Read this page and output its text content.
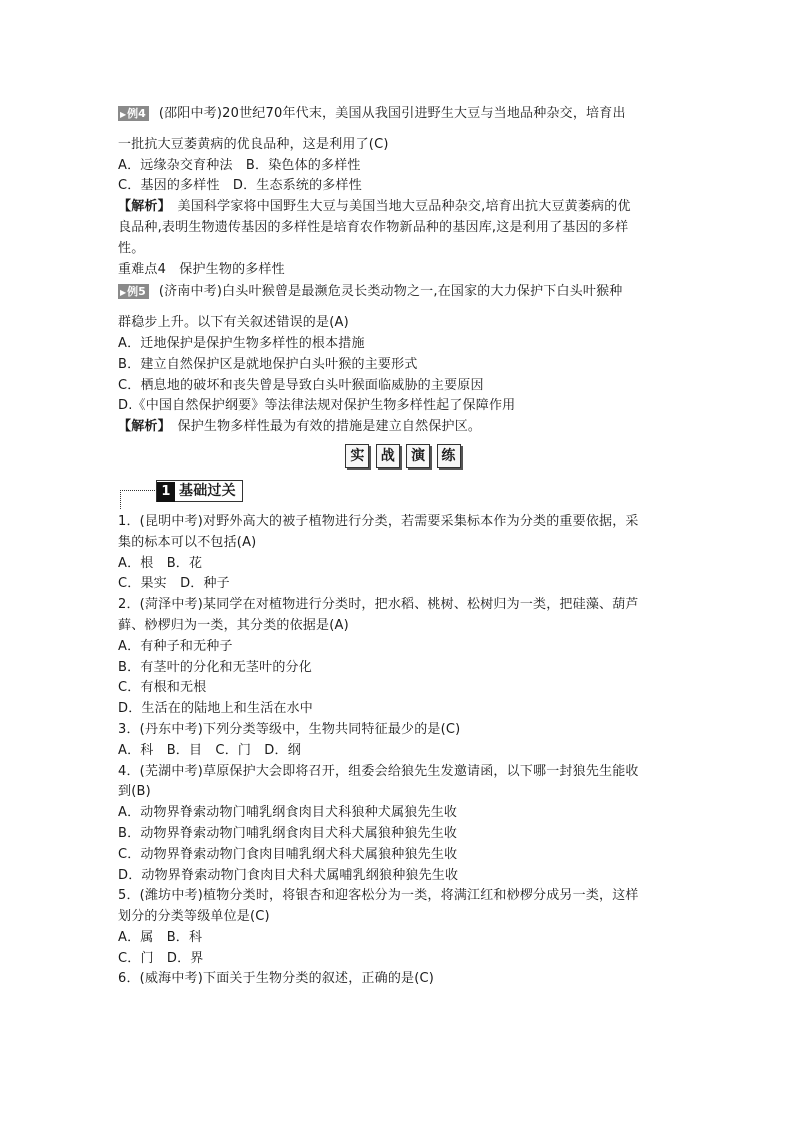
▶例4 (邵阳中考)20世纪70年代末，美国从我国引进野生大豆与当地品种杂交，培育出
一批抗大豆萎黄病的优良品种，这是利用了(C)
A．远缘杂交育种法　B．染色体的多样性
C．基因的多样性　D．生态系统的多样性
【解析】　美国科学家将中国野生大豆与美国当地大豆品种杂交,培育出抗大豆黄萎病的优
良品种,表明生物遗传基因的多样性是培育农作物新品种的基因库,这是利用了基因的多样
性。
重难点4　保护生物的多样性
▶例5 (济南中考)白头叶猴曾是最濒危灵长类动物之一,在国家的大力保护下白头叶猴种
群稳步上升。以下有关叙述错误的是(A)
A．迁地保护是保护生物多样性的根本措施
B．建立自然保护区是就地保护白头叶猴的主要形式
C．栖息地的破坏和丧失曾是导致白头叶猴面临威胁的主要原因
D.《中国自然保护纲要》等法律法规对保护生物多样性起了保障作用
【解析】　保护生物多样性最为有效的措施是建立自然保护区。
实 战 演 练
1 基础过关
1．(昆明中考)对野外高大的被子植物进行分类，若需要采集标本作为分类的重要依据，采
集的标本可以不包括(A)
A．根　B．花
C．果实　D．种子
2．(菏泽中考)某同学在对植物进行分类时，把水稻、桃树、松树归为一类，把硅藻、葫芦
藓、桫椤归为一类，其分类的依据是(A)
A．有种子和无种子
B．有茎叶的分化和无茎叶的分化
C．有根和无根
D．生活在的陆地上和生活在水中
3．(丹东中考)下列分类等级中，生物共同特征最少的是(C)
A．科　B．目　C．门　D．纲
4．(芜湖中考)草原保护大会即将召开，组委会给狼先生发邀请函，以下哪一封狼先生能收
到(B)
A．动物界脊索动物门哺乳纲食肉目犬科狼种犬属狼先生收
B．动物界脊索动物门哺乳纲食肉目犬科犬属狼种狼先生收
C．动物界脊索动物门食肉目哺乳纲犬科犬属狼种狼先生收
D．动物界脊索动物门食肉目犬科犬属哺乳纲狼种狼先生收
5．(潍坊中考)植物分类时，将银杏和迎客松分为一类，将满江红和桫椤分成另一类，这样
划分的分类等级单位是(C)
A．属　B．科
C．门　D．界
6．(威海中考)下面关于生物分类的叙述，正确的是(C)
